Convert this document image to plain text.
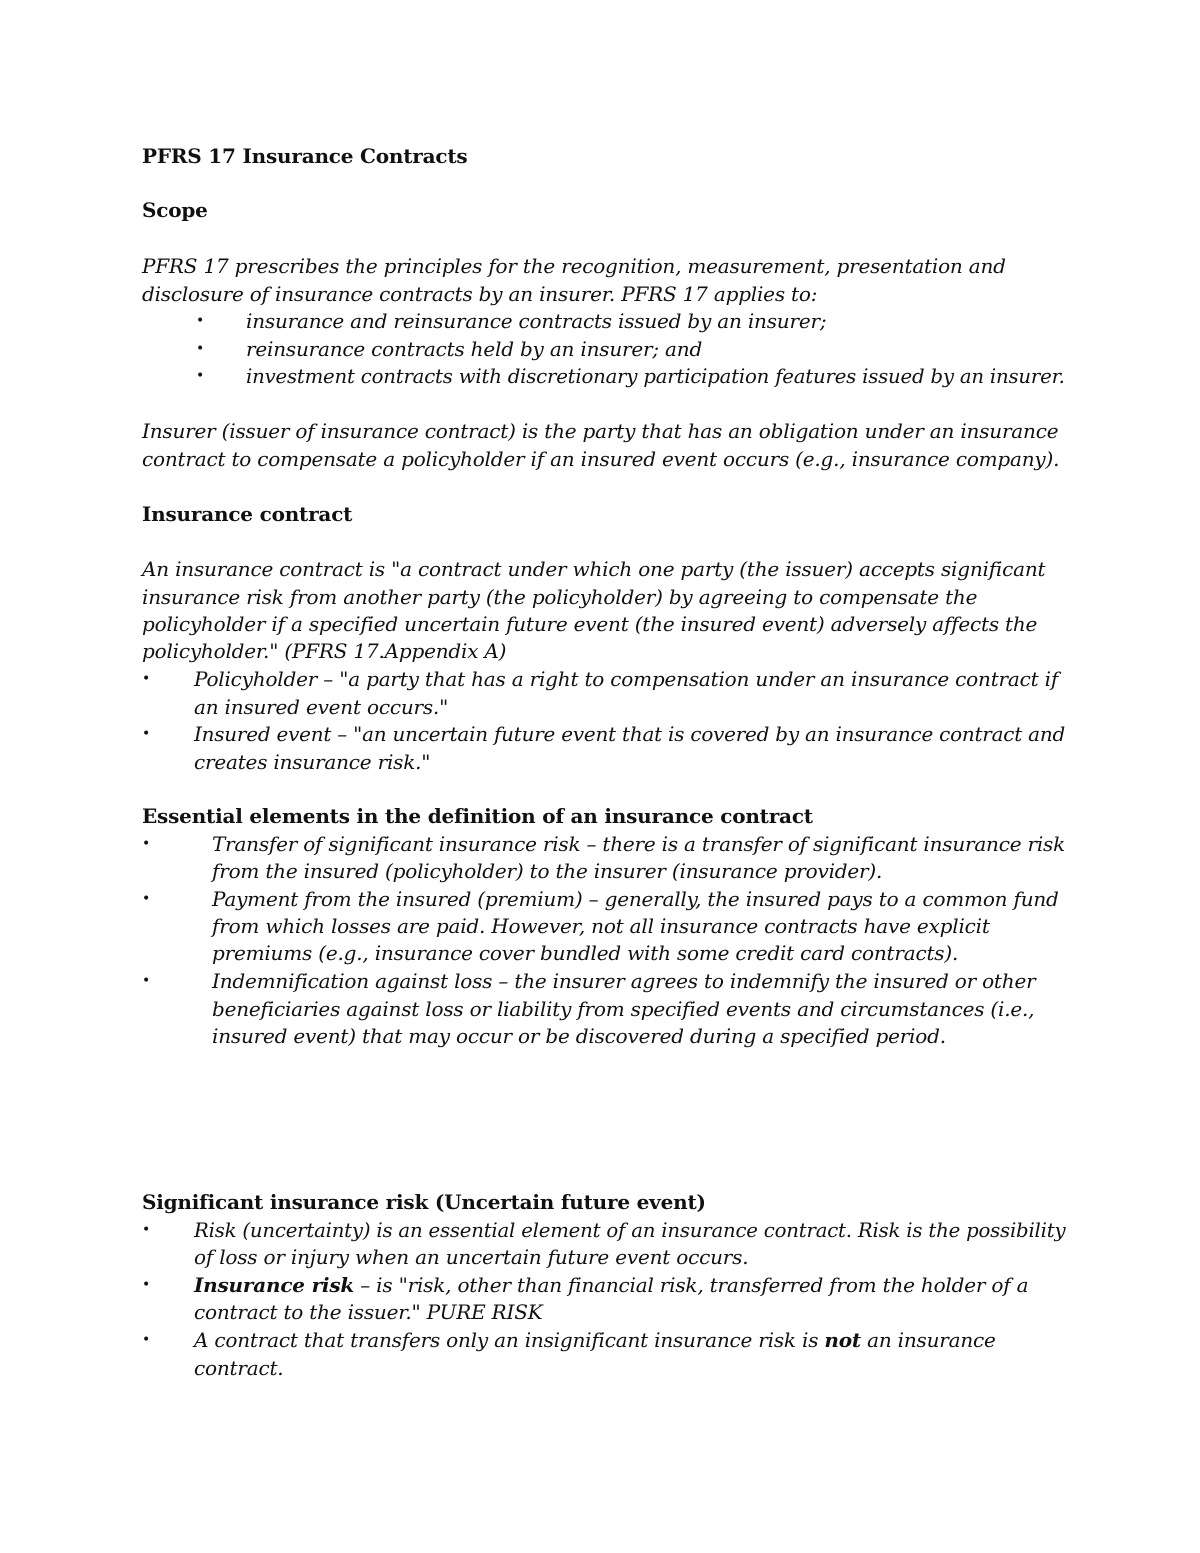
PFRS 17 Insurance Contracts
Scope
PFRS 17 prescribes the principles for the recognition, measurement, presentation and
disclosure of insurance contracts by an insurer. PFRS 17 applies to:
• insurance and reinsurance contracts issued by an insurer;
• reinsurance contracts held by an insurer; and
• investment contracts with discretionary participation features issued by an insurer.
Insurer (issuer of insurance contract) is the party that has an obligation under an insurance
contract to compensate a policyholder if an insured event occurs (e.g., insurance company).
Insurance contract
An insurance contract is "a contract under which one party (the issuer) accepts significant
insurance risk from another party (the policyholder) by agreeing to compensate the
policyholder if a specified uncertain future event (the insured event) adversely affects the
policyholder." (PFRS 17.Appendix A)
• Policyholder – "a party that has a right to compensation under an insurance contract if
an insured event occurs."
• Insured event – "an uncertain future event that is covered by an insurance contract and
creates insurance risk."
Essential elements in the definition of an insurance contract
•	Transfer of significant insurance risk – there is a transfer of significant insurance risk
from the insured (policyholder) to the insurer (insurance provider).
•	Payment from the insured (premium) – generally, the insured pays to a common fund
from which losses are paid. However, not all insurance contracts have explicit
premiums (e.g., insurance cover bundled with some credit card contracts).
•	Indemnification against loss – the insurer agrees to indemnify the insured or other
beneficiaries against loss or liability from specified events and circumstances (i.e.,
insured event) that may occur or be discovered during a specified period.
Significant insurance risk (Uncertain future event)
• Risk (uncertainty) is an essential element of an insurance contract. Risk is the possibility
of loss or injury when an uncertain future event occurs.
• Insurance risk – is "risk, other than financial risk, transferred from the holder of a
contract to the issuer." PURE RISK
• A contract that transfers only an insignificant insurance risk is not an insurance
contract.
